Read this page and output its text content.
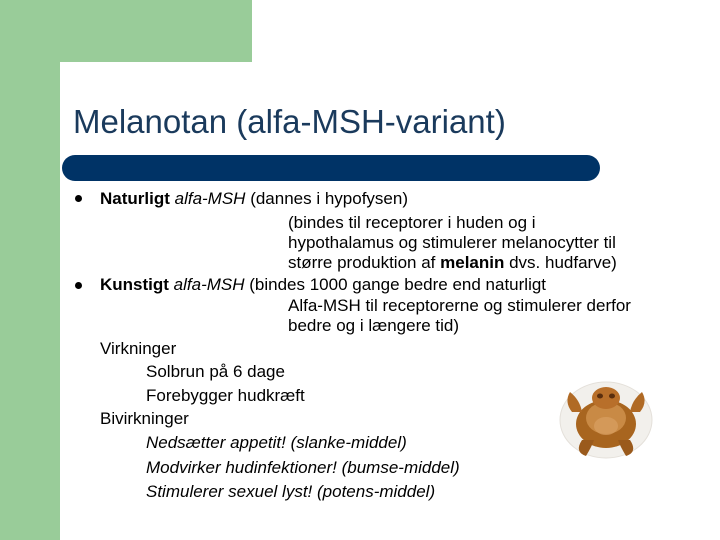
Melanotan (alfa-MSH-variant)
Naturligt alfa-MSH (dannes i hypofysen)
(bindes til receptorer i huden og i
hypothalamus og stimulerer melanocytter til
større produktion af melanin dvs. hudfarve)
Kunstigt alfa-MSH (bindes 1000 gange bedre end naturligt
Alfa-MSH til receptorerne og stimulerer derfor
bedre og i længere tid)
Virkninger
Solbrun på 6 dage
Forebygger hudkræft
Bivirkninger
Nedsætter appetit! (slanke-middel)
Modvirker hudinfektioner! (bumse-middel)
Stimulerer sexuel lyst! (potens-middel)
